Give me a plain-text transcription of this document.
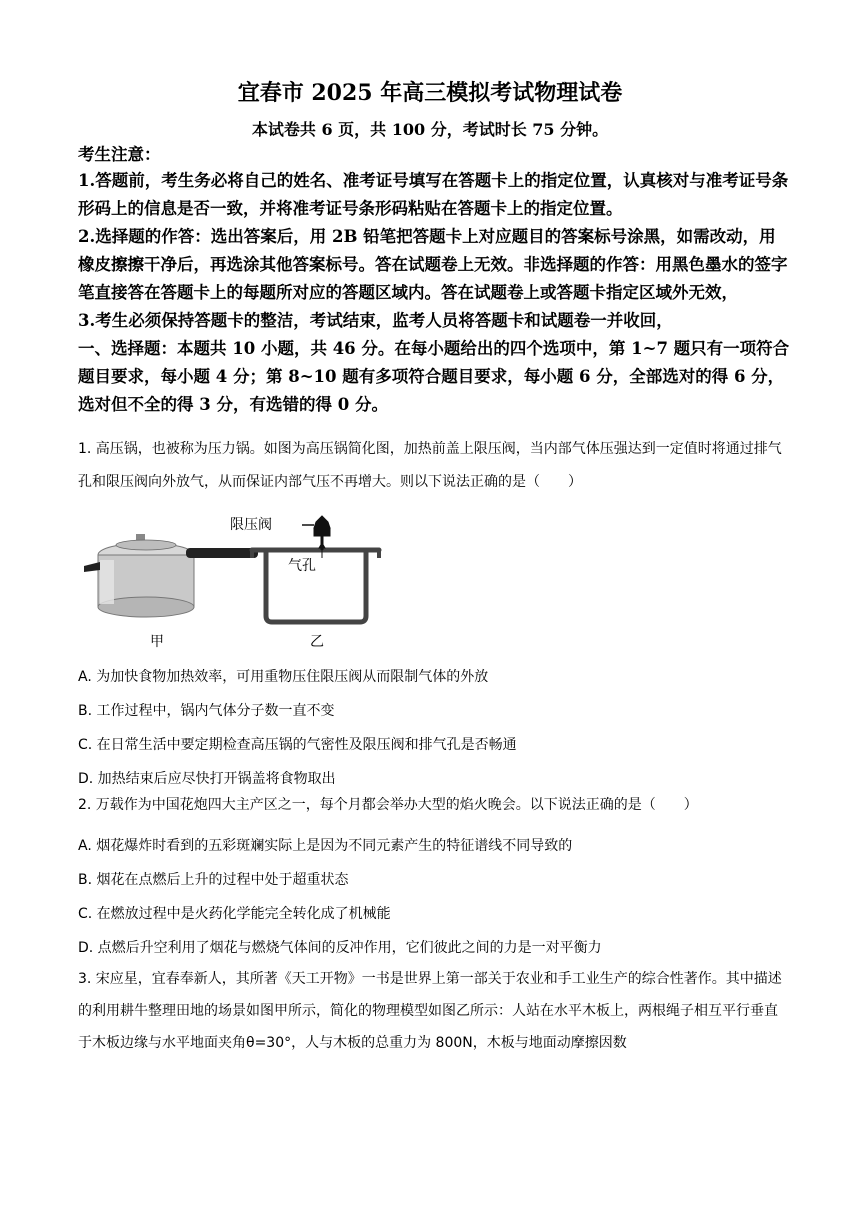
宜春市 2025 年高三模拟考试物理试卷
本试卷共 6 页，共 100 分，考试时长 75 分钟。
考生注意：

1.答题前，考生务必将自己的姓名、准考证号填写在答题卡上的指定位置，认真核对与准考证号条形码上的信息是否一致，并将准考证号条形码粘贴在答题卡上的指定位置。

2.选择题的作答：选出答案后，用 2B 铅笔把答题卡上对应题目的答案标号涂黑，如需改动，用橡皮擦擦干净后，再选涂其他答案标号。答在试题卷上无效。非选择题的作答：用黑色墨水的签字笔直接答在答题卡上的每题所对应的答题区域内。答在试题卷上或答题卡指定区域外无效，

3.考生必须保持答题卡的整洁，考试结束，监考人员将答题卡和试题卷一并收回，

一、选择题：本题共 10 小题，共 46 分。在每小题给出的四个选项中，第 1~7 题只有一项符合题目要求，每小题 4 分；第 8~10 题有多项符合题目要求，每小题 6 分，全部选对的得 6 分，选对但不全的得 3 分，有选错的得 0 分。

1. 高压锅，也被称为压力锅。如图为高压锅简化图，加热前盖上限压阀，当内部气体压强达到一定值时将通过排气孔和限压阀向外放气，从而保证内部气压不再增大。则以下说法正确的是（　　）
限压阀
气孔
甲	乙
A. 为加快食物加热效率，可用重物压住限压阀从而限制气体的外放
B. 工作过程中，锅内气体分子数一直不变
C. 在日常生活中要定期检查高压锅的气密性及限压阀和排气孔是否畅通
D. 加热结束后应尽快打开锅盖将食物取出
2. 万载作为中国花炮四大主产区之一，每个月都会举办大型的焰火晚会。以下说法正确的是（　　）
A. 烟花爆炸时看到的五彩斑斓实际上是因为不同元素产生的特征谱线不同导致的
B. 烟花在点燃后上升的过程中处于超重状态
C. 在燃放过程中是火药化学能完全转化成了机械能
D. 点燃后升空利用了烟花与燃烧气体间的反冲作用，它们彼此之间的力是一对平衡力
3. 宋应星，宜春奉新人，其所著《天工开物》一书是世界上第一部关于农业和手工业生产的综合性著作。其中描述的利用耕牛整理田地的场景如图甲所示，简化的物理模型如图乙所示：人站在水平木板上，两根绳子相互平行垂直于木板边缘与水平地面夹角θ=30°，人与木板的总重力为 800N，木板与地面动摩擦因数
